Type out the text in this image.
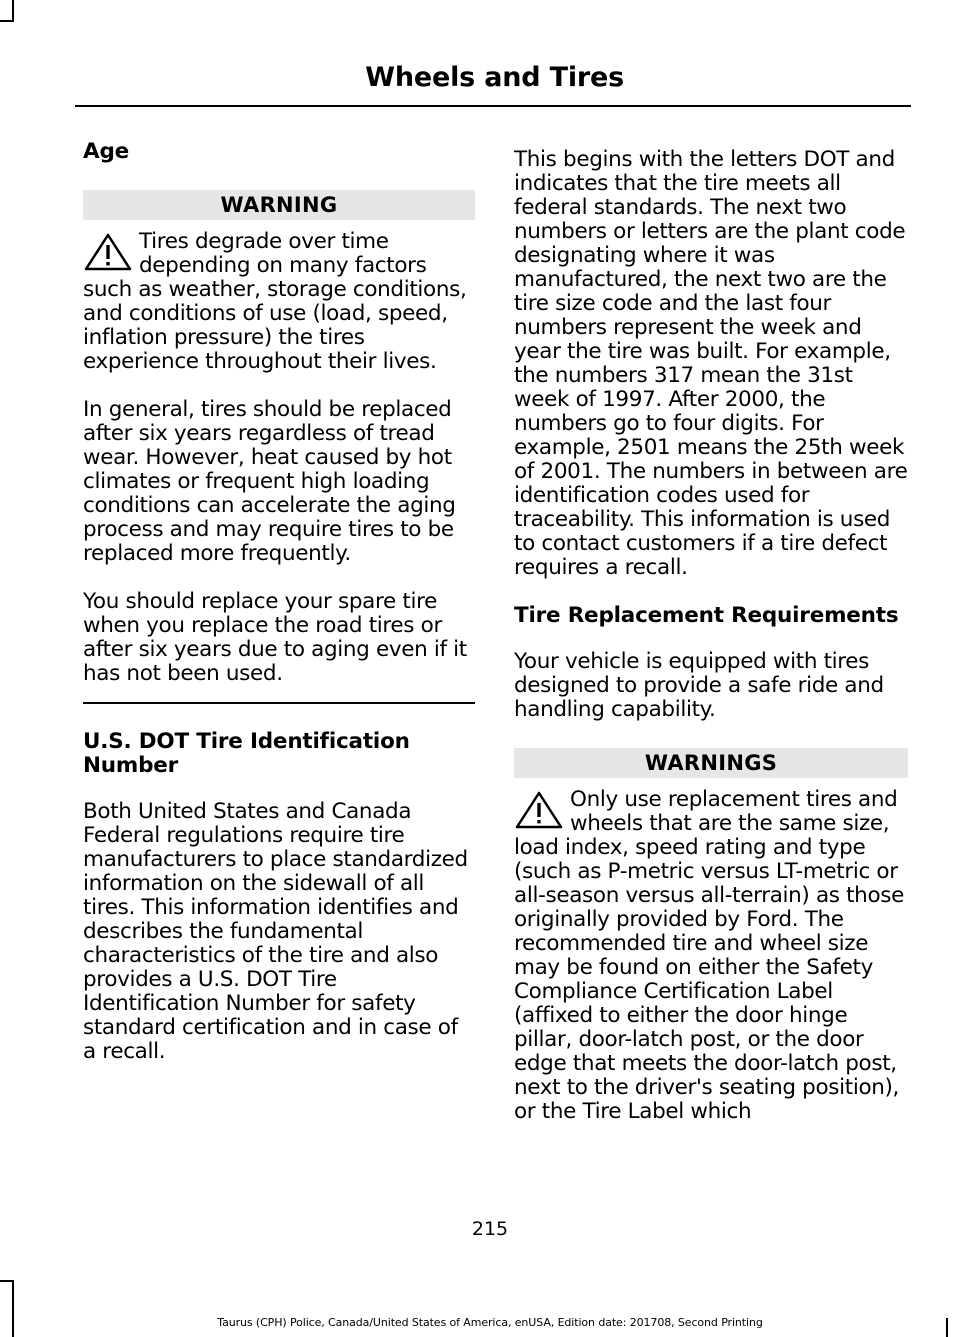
Wheels and Tires
Age
WARNING
Tires degrade over time depending on many factors such as weather, storage conditions, and conditions of use (load, speed, inflation pressure) the tires experience throughout their lives.

In general, tires should be replaced after six years regardless of tread wear. However, heat caused by hot climates or frequent high loading conditions can accelerate the aging process and may require tires to be replaced more frequently.

You should replace your spare tire when you replace the road tires or after six years due to aging even if it has not been used.

U.S. DOT Tire Identification Number

Both United States and Canada Federal regulations require tire manufacturers to place standardized information on the sidewall of all tires. This information identifies and describes the fundamental characteristics of the tire and also provides a U.S. DOT Tire Identification Number for safety standard certification and in case of a recall.

This begins with the letters DOT and indicates that the tire meets all federal standards. The next two numbers or letters are the plant code designating where it was manufactured, the next two are the tire size code and the last four numbers represent the week and year the tire was built. For example, the numbers 317 mean the 31st week of 1997. After 2000, the numbers go to four digits. For example, 2501 means the 25th week of 2001. The numbers in between are identification codes used for traceability. This information is used to contact customers if a tire defect requires a recall.

Tire Replacement Requirements

Your vehicle is equipped with tires designed to provide a safe ride and handling capability.

WARNINGS
Only use replacement tires and wheels that are the same size, load index, speed rating and type (such as P-metric versus LT-metric or all-season versus all-terrain) as those originally provided by Ford. The recommended tire and wheel size may be found on either the Safety Compliance Certification Label (affixed to either the door hinge pillar, door-latch post, or the door edge that meets the door-latch post, next to the driver's seating position), or the Tire Label which
215
Taurus (CPH) Police, Canada/United States of America, enUSA, Edition date: 201708, Second Printing
